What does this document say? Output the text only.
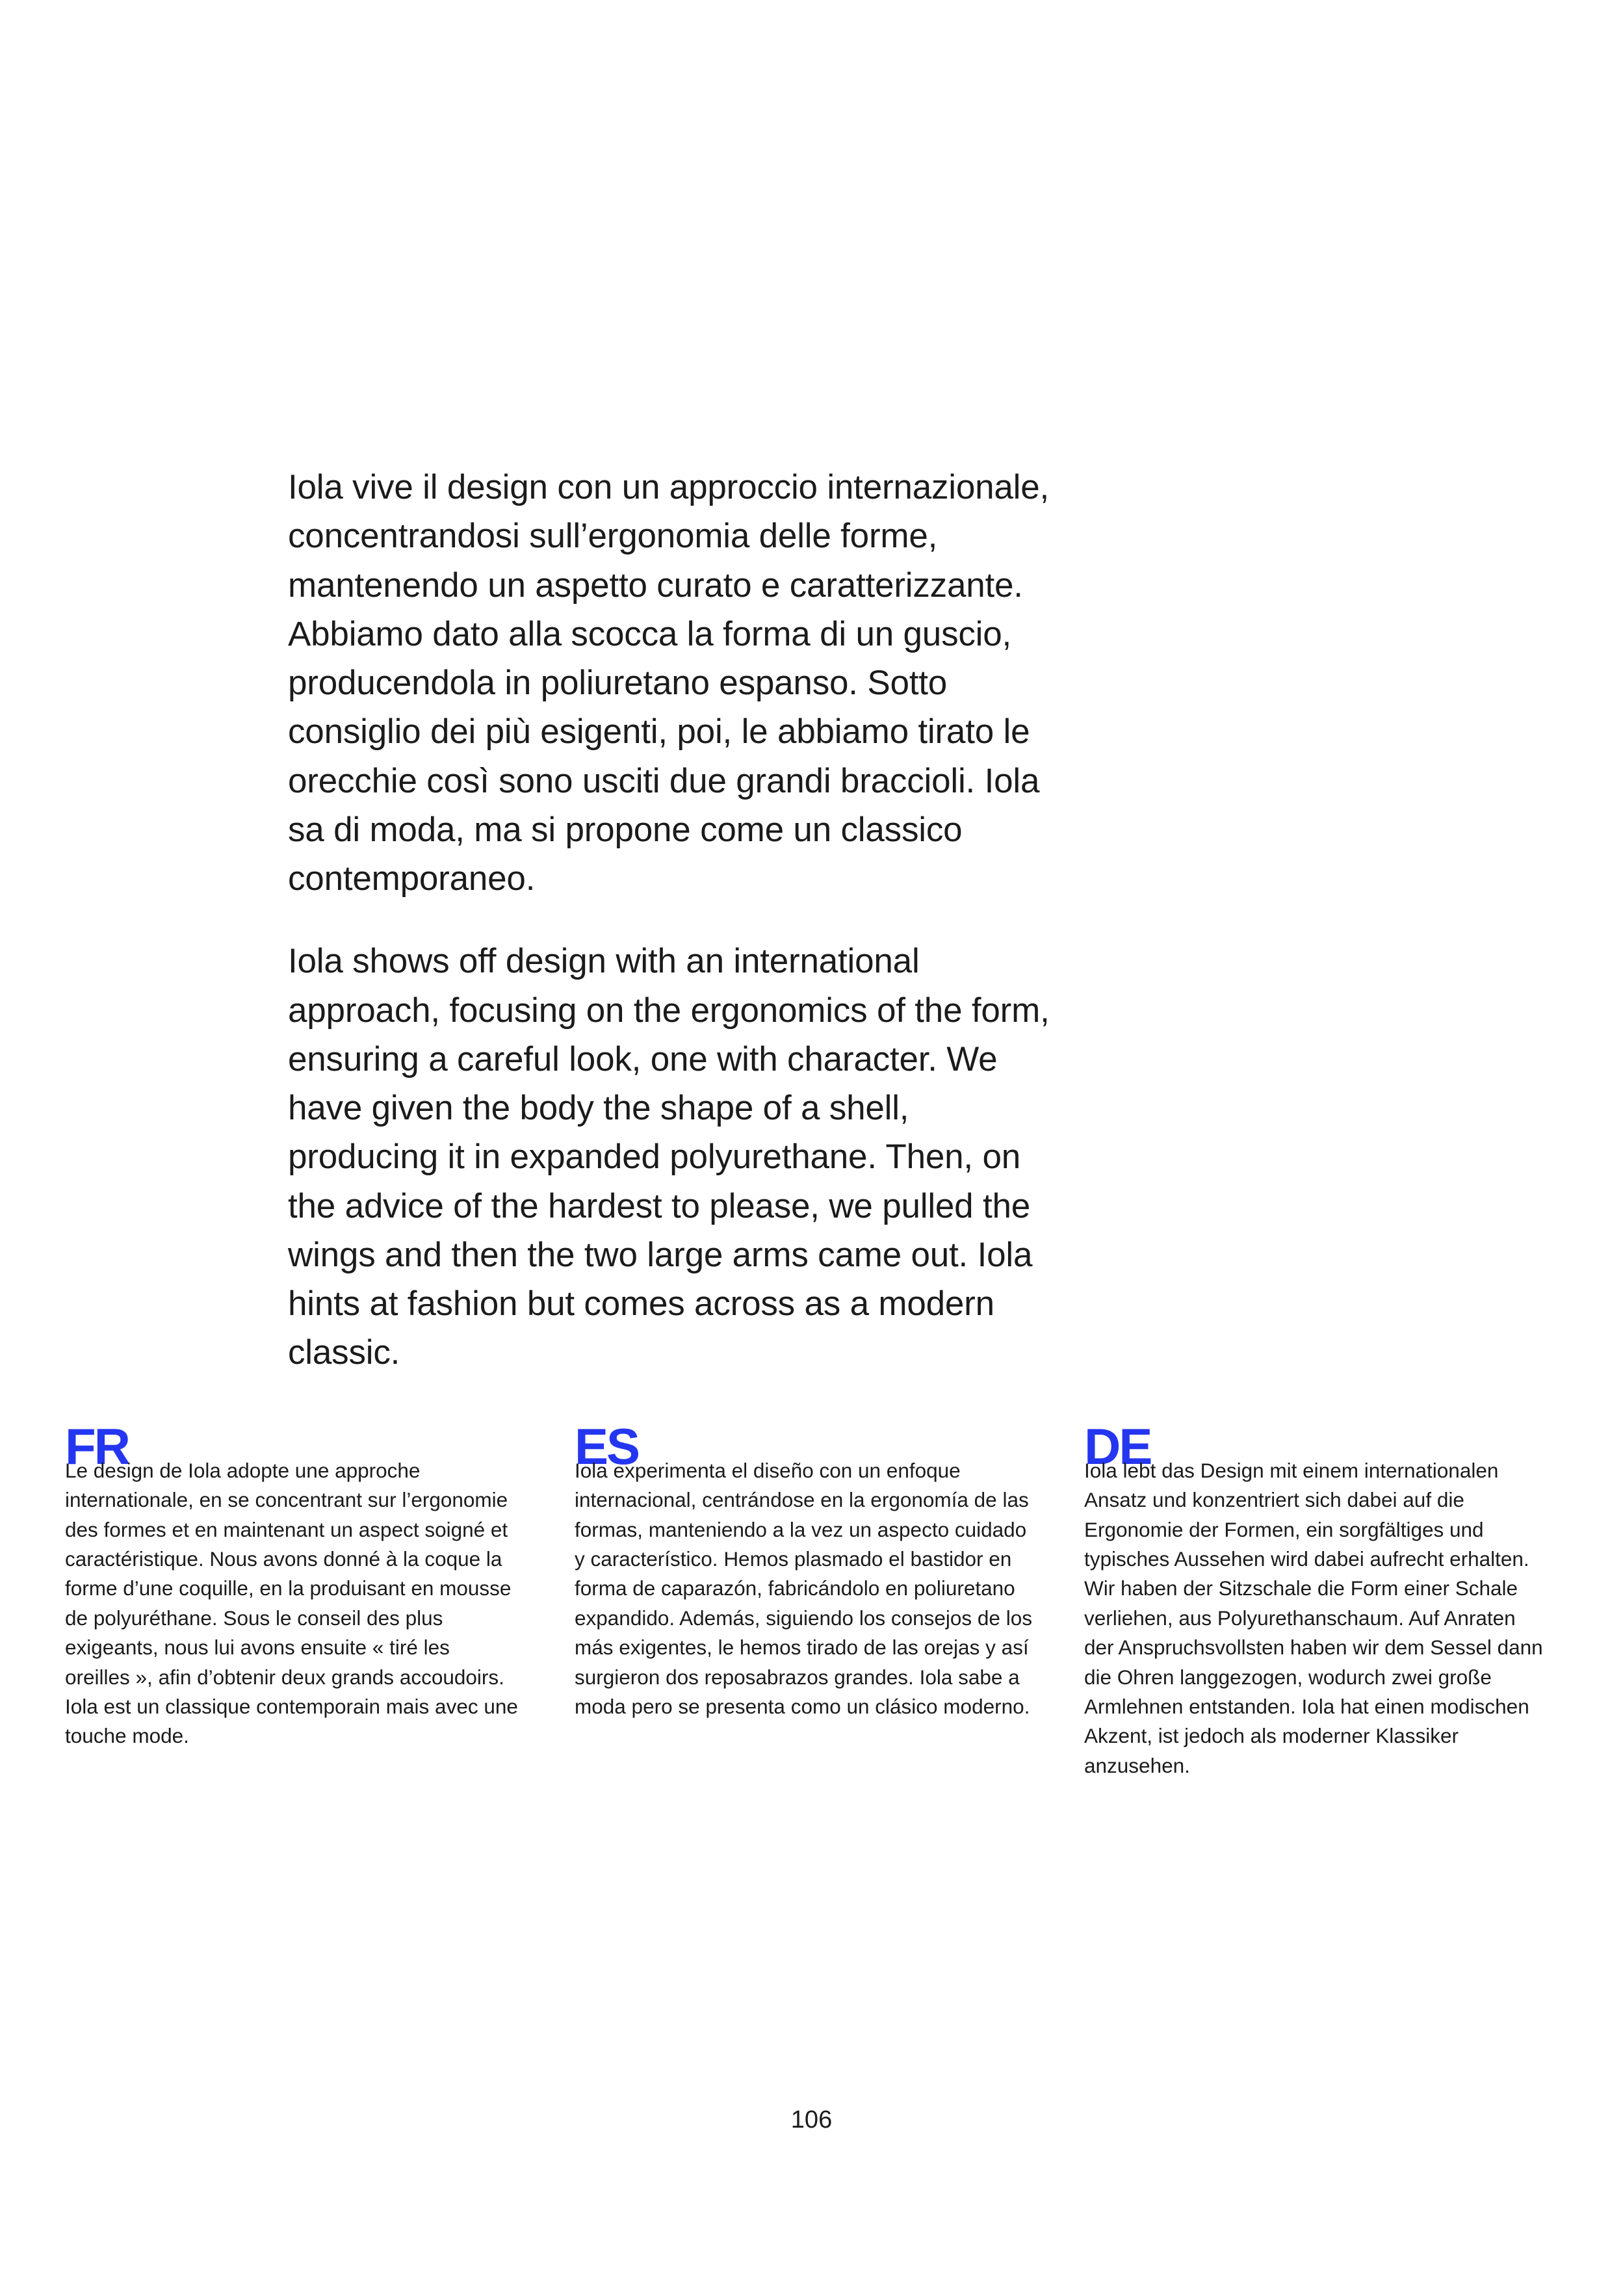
Iola vive il design con un approccio internazionale, concentrandosi sull’ergonomia delle forme, mantenendo un aspetto curato e caratterizzante. Abbiamo dato alla scocca la forma di un guscio, producendola in poliuretano espanso. Sotto consiglio dei più esigenti, poi, le abbiamo tirato le orecchie così sono usciti due grandi braccioli. Iola sa di moda, ma si propone come un classico contemporaneo.

Iola shows off design with an international approach, focusing on the ergonomics of the form, ensuring a careful look, one with character. We have given the body the shape of a shell, producing it in expanded polyurethane. Then, on the advice of the hardest to please, we pulled the wings and then the two large arms came out. Iola hints at fashion but comes across as a modern classic.

FR

Le design de Iola adopte une approche internationale, en se concentrant sur l’ergonomie des formes et en maintenant un aspect soigné et caractéristique. Nous avons donné à la coque la forme d’une coquille, en la produisant en mousse de polyuréthane. Sous le conseil des plus exigeants, nous lui avons ensuite « tiré les oreilles », afin d’obtenir deux grands accoudoirs. Iola est un classique contemporain mais avec une touche mode.

ES

Iola experimenta el diseño con un enfoque internacional, centrándose en la ergonomía de las formas, manteniendo a la vez un aspecto cuidado y característico. Hemos plasmado el bastidor en forma de caparazón, fabricándolo en poliuretano expandido. Además, siguiendo los consejos de los más exigentes, le hemos tirado de las orejas y así surgieron dos reposabrazos grandes. Iola sabe a moda pero se presenta como un clásico moderno.

DE

Iola lebt das Design mit einem internationalen Ansatz und konzentriert sich dabei auf die Ergonomie der Formen, ein sorgfältiges und typisches Aussehen wird dabei aufrecht erhalten. Wir haben der Sitzschale die Form einer Schale verliehen, aus Polyurethanschaum. Auf Anraten der Anspruchsvollsten haben wir dem Sessel dann die Ohren langgezogen, wodurch zwei große Armlehnen entstanden. Iola hat einen modischen Akzent, ist jedoch als moderner Klassiker anzusehen.

106
